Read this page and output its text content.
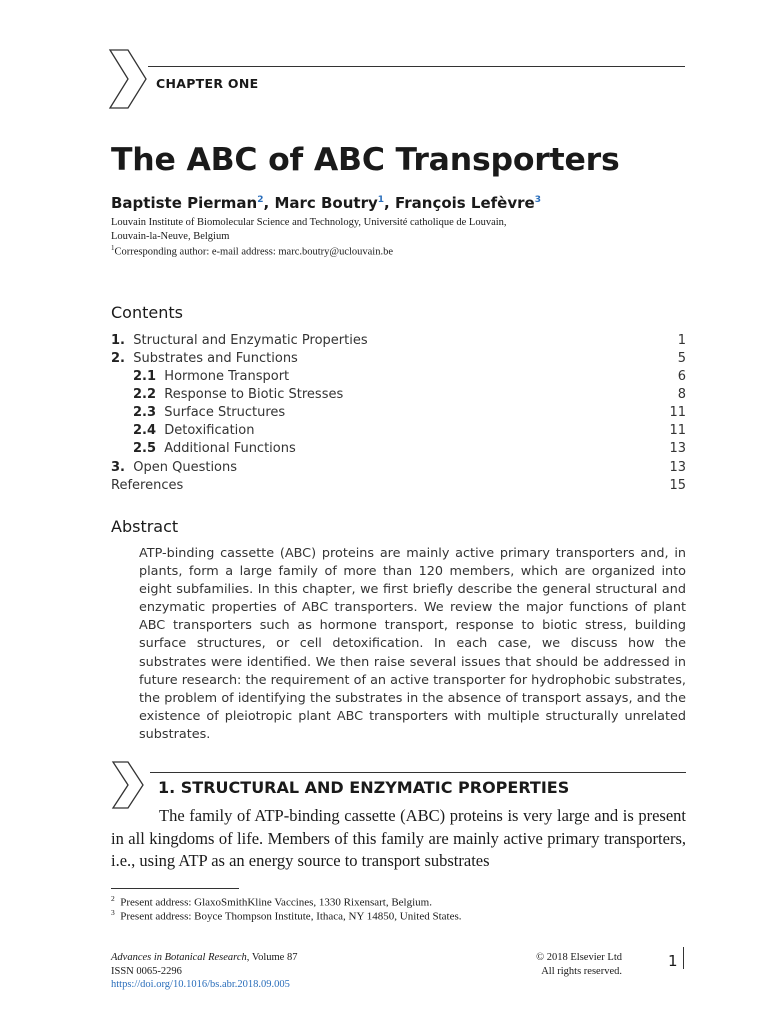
CHAPTER ONE
The ABC of ABC Transporters
Baptiste Pierman$^2$, Marc Boutry$^1$, François Lefèvre$^3$
Louvain Institute of Biomolecular Science and Technology, Université catholique de Louvain,
Louvain-la-Neuve, Belgium
$^1$Corresponding author: e-mail address: marc.boutry@uclouvain.be
Contents
1. Structural and Enzymatic Properties	1
2. Substrates and Functions	5
2.1 Hormone Transport	6
2.2 Response to Biotic Stresses	8
2.3 Surface Structures	11
2.4 Detoxification	11
2.5 Additional Functions	13
3. Open Questions	13
References	15
Abstract
ATP-binding cassette (ABC) proteins are mainly active primary transporters and, in plants, form a large family of more than 120 members, which are organized into eight subfamilies. In this chapter, we first briefly describe the general structural and enzymatic properties of ABC transporters. We review the major functions of plant ABC transporters such as hormone transport, response to biotic stress, building surface structures, or cell detoxification. In each case, we discuss how the substrates were identified. We then raise several issues that should be addressed in future research: the requirement of an active transporter for hydrophobic substrates, the problem of identifying the substrates in the absence of transport assays, and the existence of pleiotropic plant ABC transporters with multiple structurally unrelated substrates.
1. STRUCTURAL AND ENZYMATIC PROPERTIES
The family of ATP-binding cassette (ABC) proteins is very large and is present in all kingdoms of life. Members of this family are mainly active primary transporters, i.e., using ATP as an energy source to transport substrates
$^2$ Present address: GlaxoSmithKline Vaccines, 1330 Rixensart, Belgium.
$^3$ Present address: Boyce Thompson Institute, Ithaca, NY 14850, United States.
Advances in Botanical Research, Volume 87
ISSN 0065-2296
https://doi.org/10.1016/bs.abr.2018.09.005
© 2018 Elsevier Ltd
All rights reserved.
1
